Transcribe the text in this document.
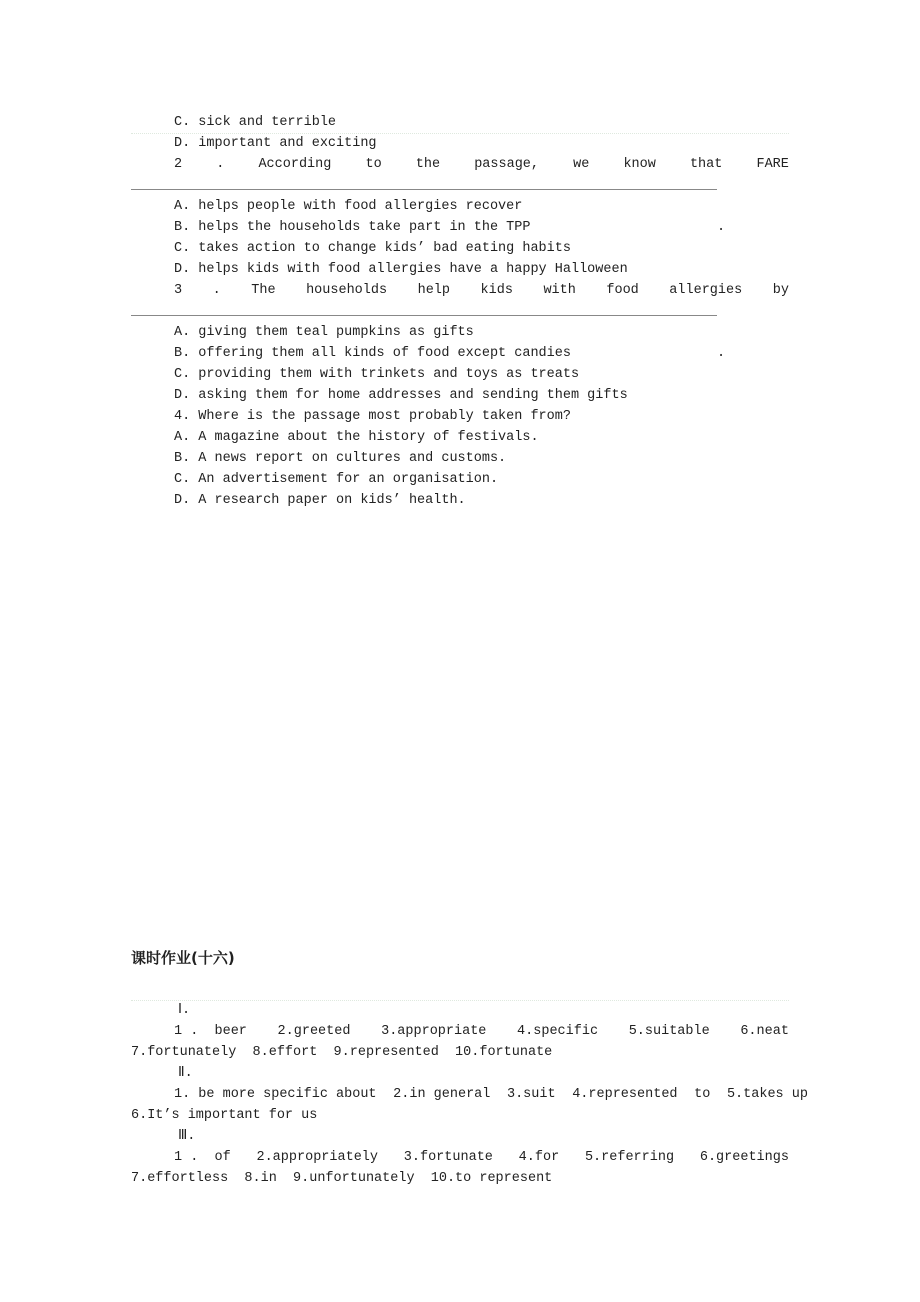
C. sick and terrible
D. important and exciting
2	.	According	to	the	passage,	we	know	that	FARE

.

A. helps people with food allergies recover
B. helps the households take part in the TPP
C. takes action to change kids’ bad eating habits
D. helps kids with food allergies have a happy Halloween
3 . The households help kids with food allergies by

.

A. giving them teal pumpkins as gifts
B. offering them all kinds of food except candies
C. providing them with trinkets and toys as treats
D. asking them for home addresses and sending them gifts
4. Where is the passage most probably taken from?
A. A magazine about the history of festivals.
B. A news report on cultures and customs.
C. An advertisement for an organisation.
D. A research paper on kids’ health.
课时作业(十六)
Ⅰ.
1 .  beer 2.greeted 3.appropriate 4.specific 5.suitable 6.neat
7.fortunately  8.effort  9.represented  10.fortunate
Ⅱ.
1. be more specific about 2.in general 3.suit 4.represented to 5.takes up
6.It’s important for us
Ⅲ.
1 .  of 2.appropriately 3.fortunate 4.for 5.referring 6.greetings
7.effortless  8.in  9.unfortunately  10.to represent
